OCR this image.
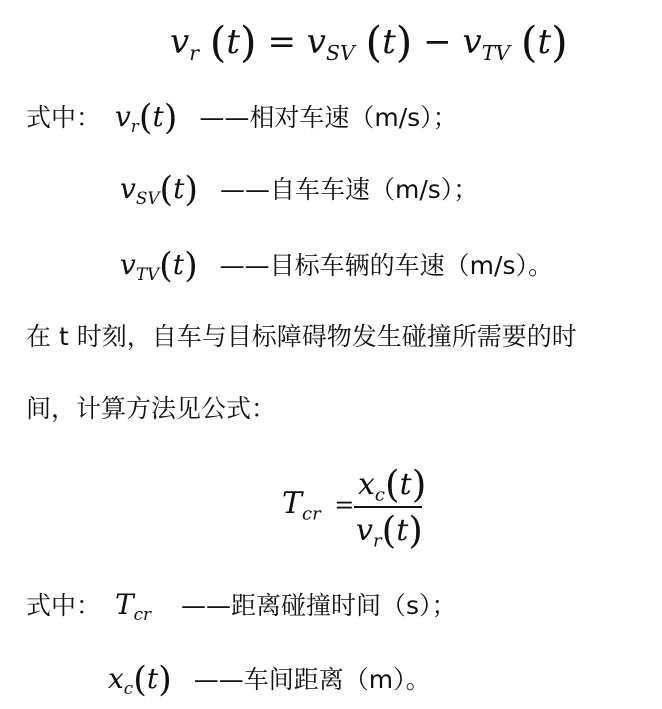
$v_r$ $(t) = v_{SV}$ $(t) - v_{TV}$ (t)
式中： $v_r(t)$ ——相对车速（m/s）；
$v_{SV}(t)$ ——自车车速（m/s）；
$v_{TV}(t)$ ——目标车辆的车速（m/s）。
在 t 时刻，自车与目标障碍物发生碰撞所需要的时
间，计算方法见公式：
$T_{cr}$ =
$x_c(t)$
$v_r(t)$
式中： $T_{cr}$ ——距离碰撞时间（s）；
$x_c(t)$ ——车间距离（m）。
